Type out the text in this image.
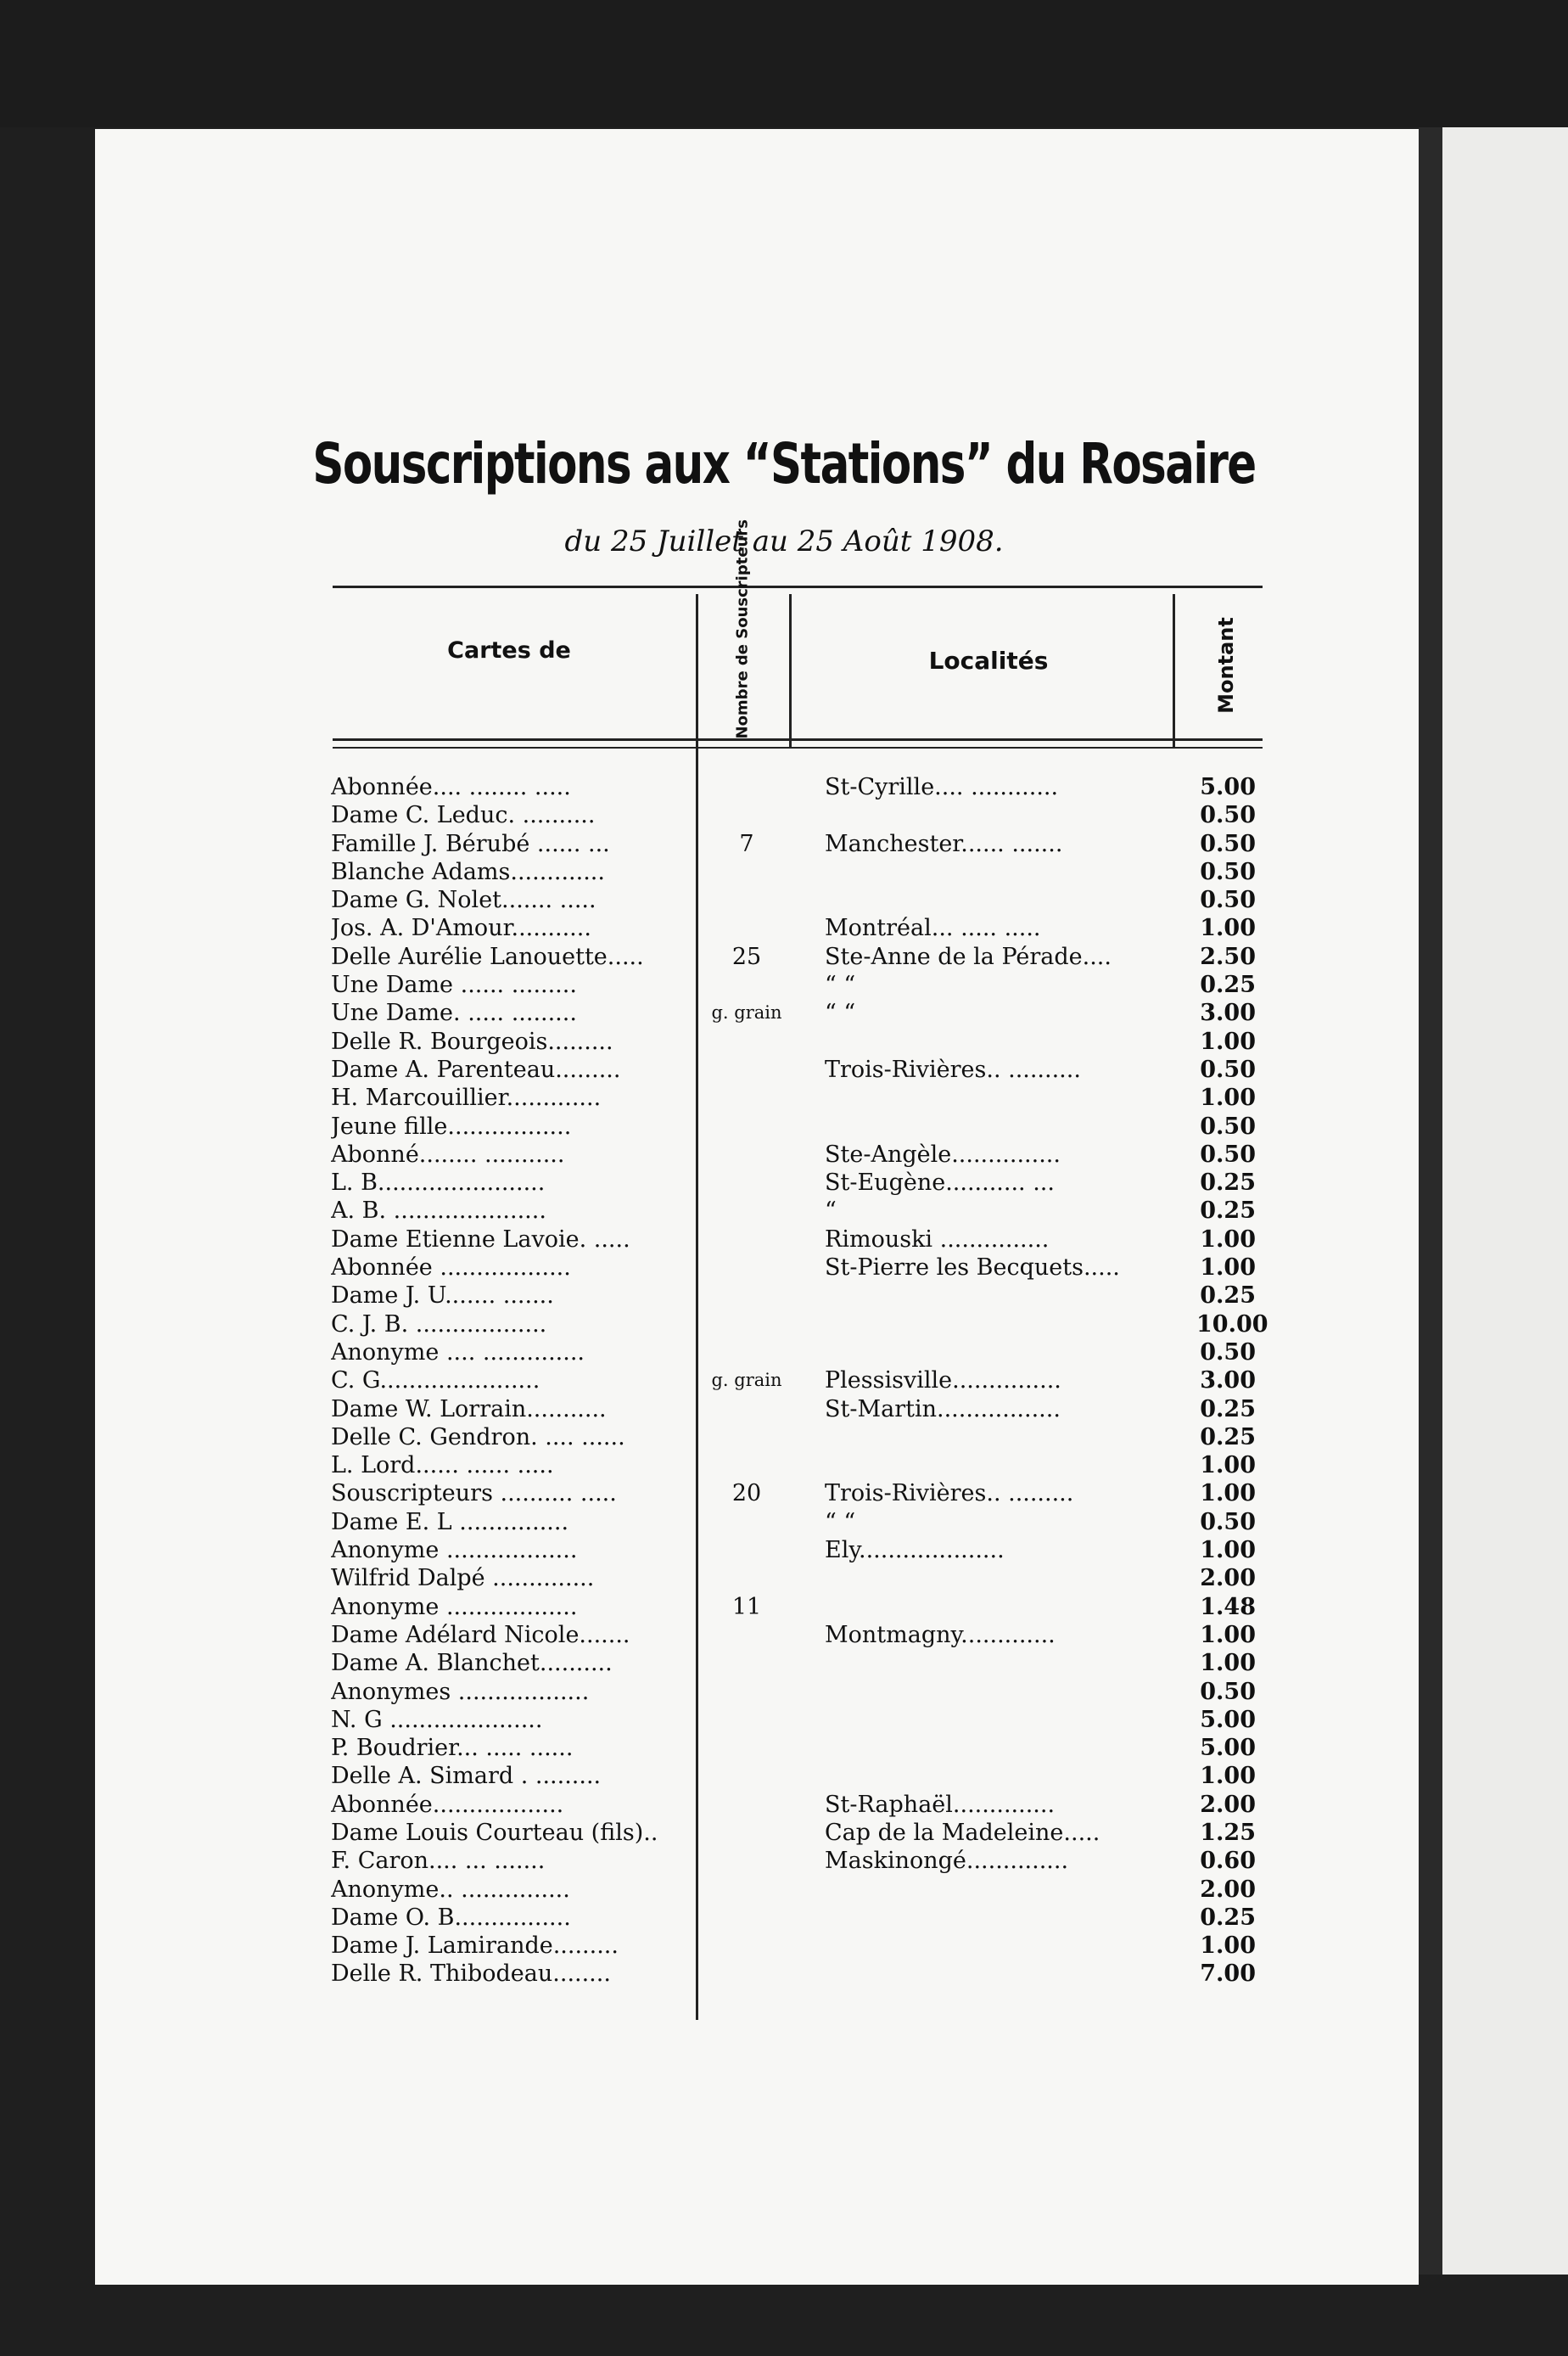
Souscriptions aux “Stations” du Rosaire
du 25 Juillet au 25 Août 1908.
Cartes de	Nombre de Souscripteurs	Localités	Montant
Abonnée.... ........ .....	St-Cyrille.... ............	5.00
Dame C. Leduc. ..........	0.50
Famille J. Bérubé ...... ...	7	Manchester...... .......	0.50
Blanche Adams.............	0.50
Dame G. Nolet....... .....	0.50
Jos. A. D'Amour...........	Montréal... ..... .....	1.00
Delle Aurélie Lanouette.....	25	Ste-Anne de la Pérade....	2.50
Une Dame ...... .........	“ “	0.25
Une Dame. ..... .........	g. grain	“ “	3.00
Delle R. Bourgeois.........	1.00
Dame A. Parenteau.........	Trois-Rivières.. ..........	0.50
H. Marcouillier.............	1.00
Jeune fille.................	0.50
Abonné........ ...........	Ste-Angèle...............	0.50
L. B.......................	St-Eugène........... ...	0.25
A. B. .....................	“	0.25
Dame Etienne Lavoie. .....	Rimouski ...............	1.00
Abonnée ..................	St-Pierre les Becquets.....	1.00
Dame J. U....... .......	0.25
C. J. B. ..................	10.00
Anonyme .... ..............	0.50
C. G......................	g. grain	Plessisville...............	3.00
Dame W. Lorrain...........	St-Martin.................	0.25
Delle C. Gendron. .... ......	0.25
L. Lord...... ...... .....	1.00
Souscripteurs .......... .....	20	Trois-Rivières.. .........	1.00
Dame E. L ...............	“ “	0.50
Anonyme ..................	Ely....................	1.00
Wilfrid Dalpé ..............	2.00
Anonyme ..................	11	1.48
Dame Adélard Nicole.......	Montmagny.............	1.00
Dame A. Blanchet..........	1.00
Anonymes ..................	0.50
N. G .....................	5.00
P. Boudrier... ..... ......	5.00
Delle A. Simard . .........	1.00
Abonnée..................	St-Raphaël..............	2.00
Dame Louis Courteau (fils)..	Cap de la Madeleine.....	1.25
F. Caron.... ... .......	Maskinongé..............	0.60
Anonyme.. ...............	2.00
Dame O. B................	0.25
Dame J. Lamirande.........	1.00
Delle R. Thibodeau........	7.00
